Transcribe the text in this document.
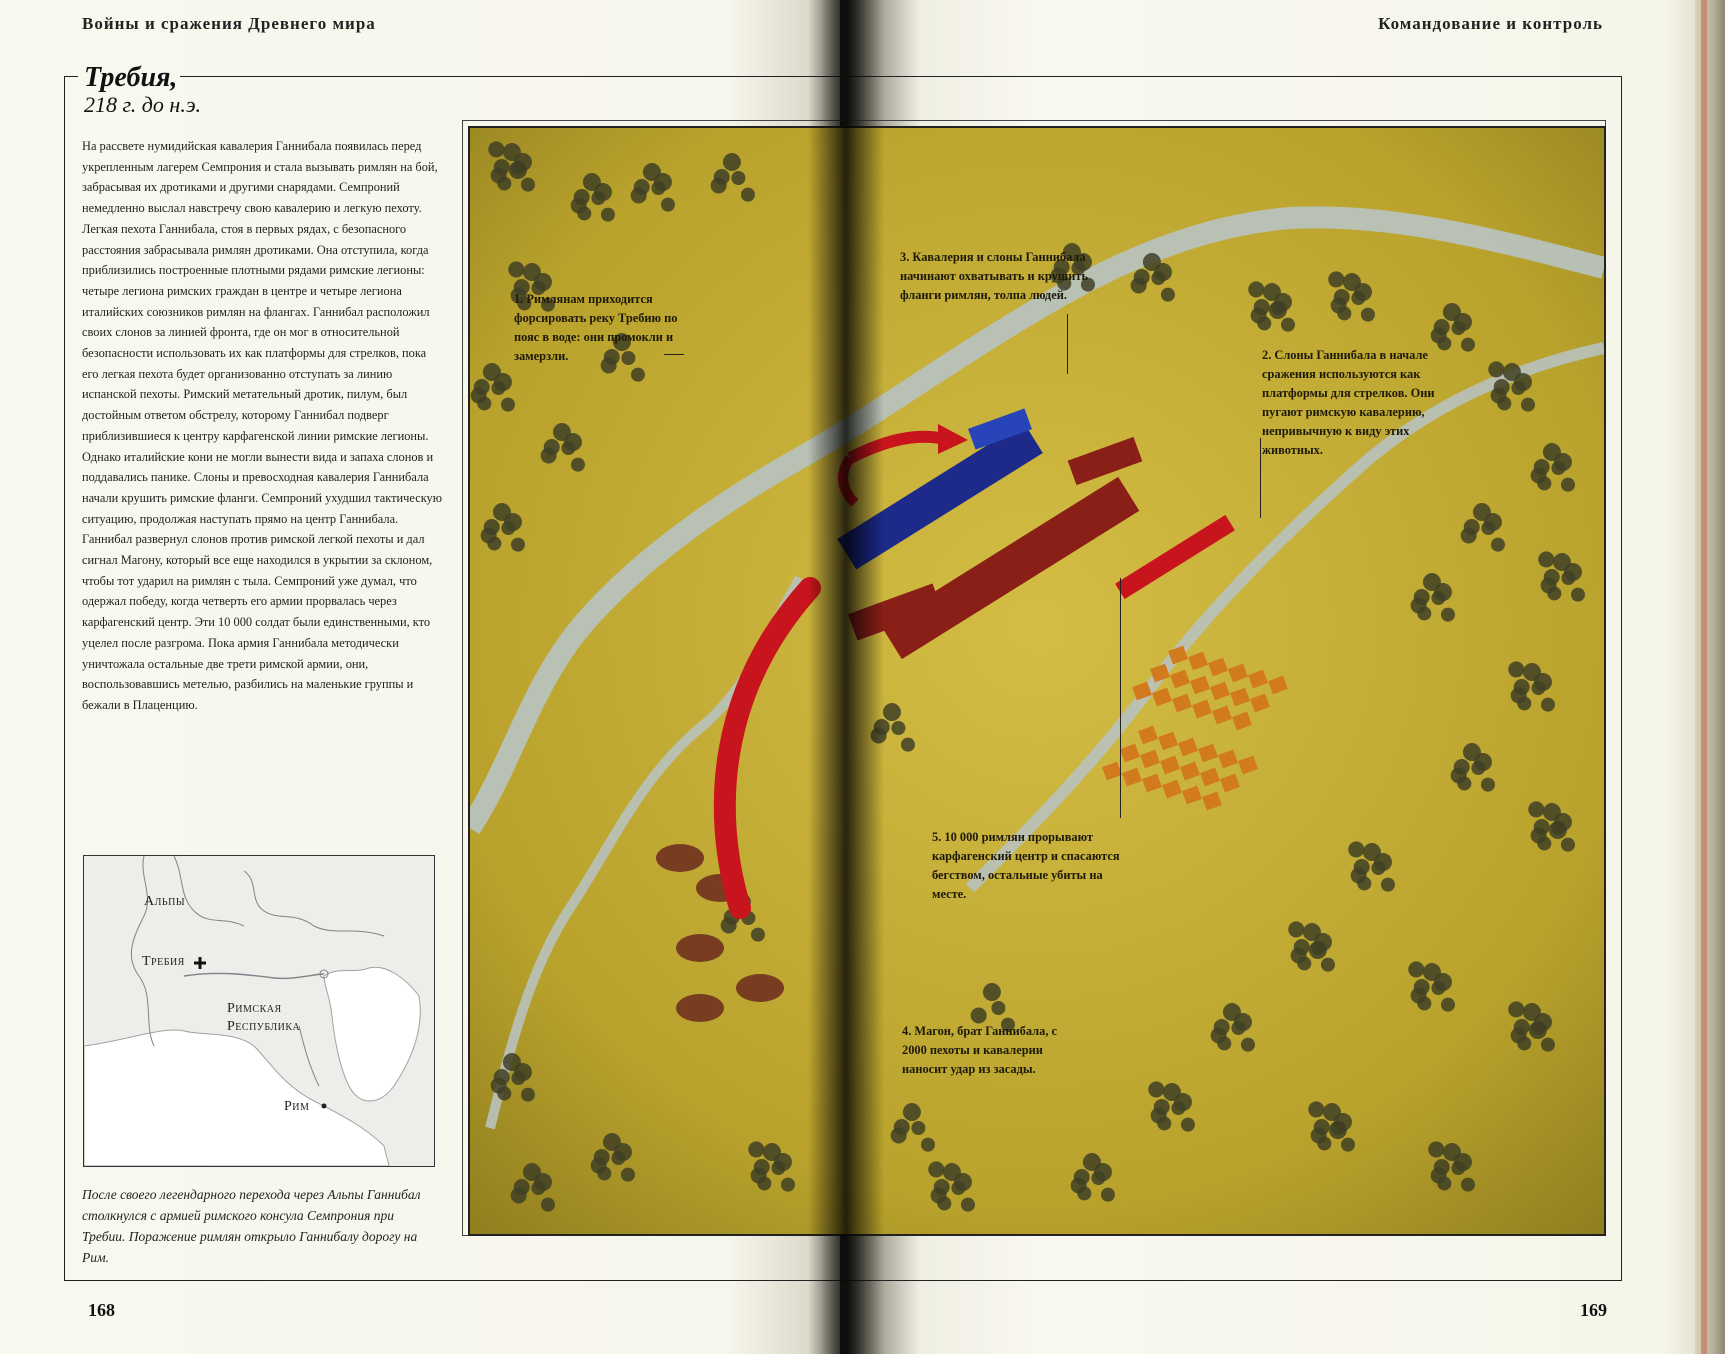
Войны и сражения Древнего мира	Командование и контроль
Требия,
218 г. до н.э.

На рассвете нумидийская кавалерия Ганнибала появилась перед укрепленным лагерем Семпрония и стала вызывать римлян на бой, забрасывая их дротиками и другими снарядами. Семпроний немедленно выслал навстречу свою кавалерию и легкую пехоту. Легкая пехота Ганнибала, стоя в первых рядах, с безопасного расстояния забрасывала римлян дротиками. Она отступила, когда приблизились построенные плотными рядами римские легионы: четыре легиона римских граждан в центре и четыре легиона италийских союзников римлян на флангах. Ганнибал расположил своих слонов за линией фронта, где он мог в относительной безопасности использовать их как платформы для стрелков, пока его легкая пехота будет организованно отступать за линию испанской пехоты. Римский метательный дротик, пилум, был достойным ответом обстрелу, которому Ганнибал подверг приблизившиеся к центру карфагенской линии римские легионы. Однако италийские кони не могли вынести вида и запаха слонов и поддавались панике. Слоны и превосходная кавалерия Ганнибала начали крушить римские фланги. Семпроний ухудшил тактическую ситуацию, продолжая наступать прямо на центр Ганнибала. Ганнибал развернул слонов против римской легкой пехоты и дал сигнал Магону, который все еще находился в укрытии за склоном, чтобы тот ударил на римлян с тыла. Семпроний уже думал, что одержал победу, когда четверть его армии прорвалась через карфагенский центр. Эти 10 000 солдат были единственными, кто уцелел после разгрома. Пока армия Ганнибала методически уничтожала остальные две трети римской армии, они, воспользовавшись метелью, разбились на маленькие группы и бежали в Плаценцию.

Альпы
Требия
Римская
Республика
Рим

После своего легендарного перехода через Альпы Ганнибал столкнулся с армией римского консула Семпрония при Требии. Поражение римлян открыло Ганнибалу дорогу на Рим.

168	169

1. Римлянам приходится форсировать реку Требию по пояс в воде: они промокли и замерзли.	2. Слоны Ганнибала в начале сражения используются как платформы для стрелков. Они пугают римскую кавалерию, непривычную к виду этих животных.

3. Кавалерия и слоны Ганнибала начинают охватывать и крушить фланги римлян, толпа людей.

4. Магон, брат Ганнибала, с 2000 пехоты и кавалерии наносит удар из засады.

5. 10 000 римлян прорывают карфагенский центр и спасаются бегством, остальные убиты на месте.
